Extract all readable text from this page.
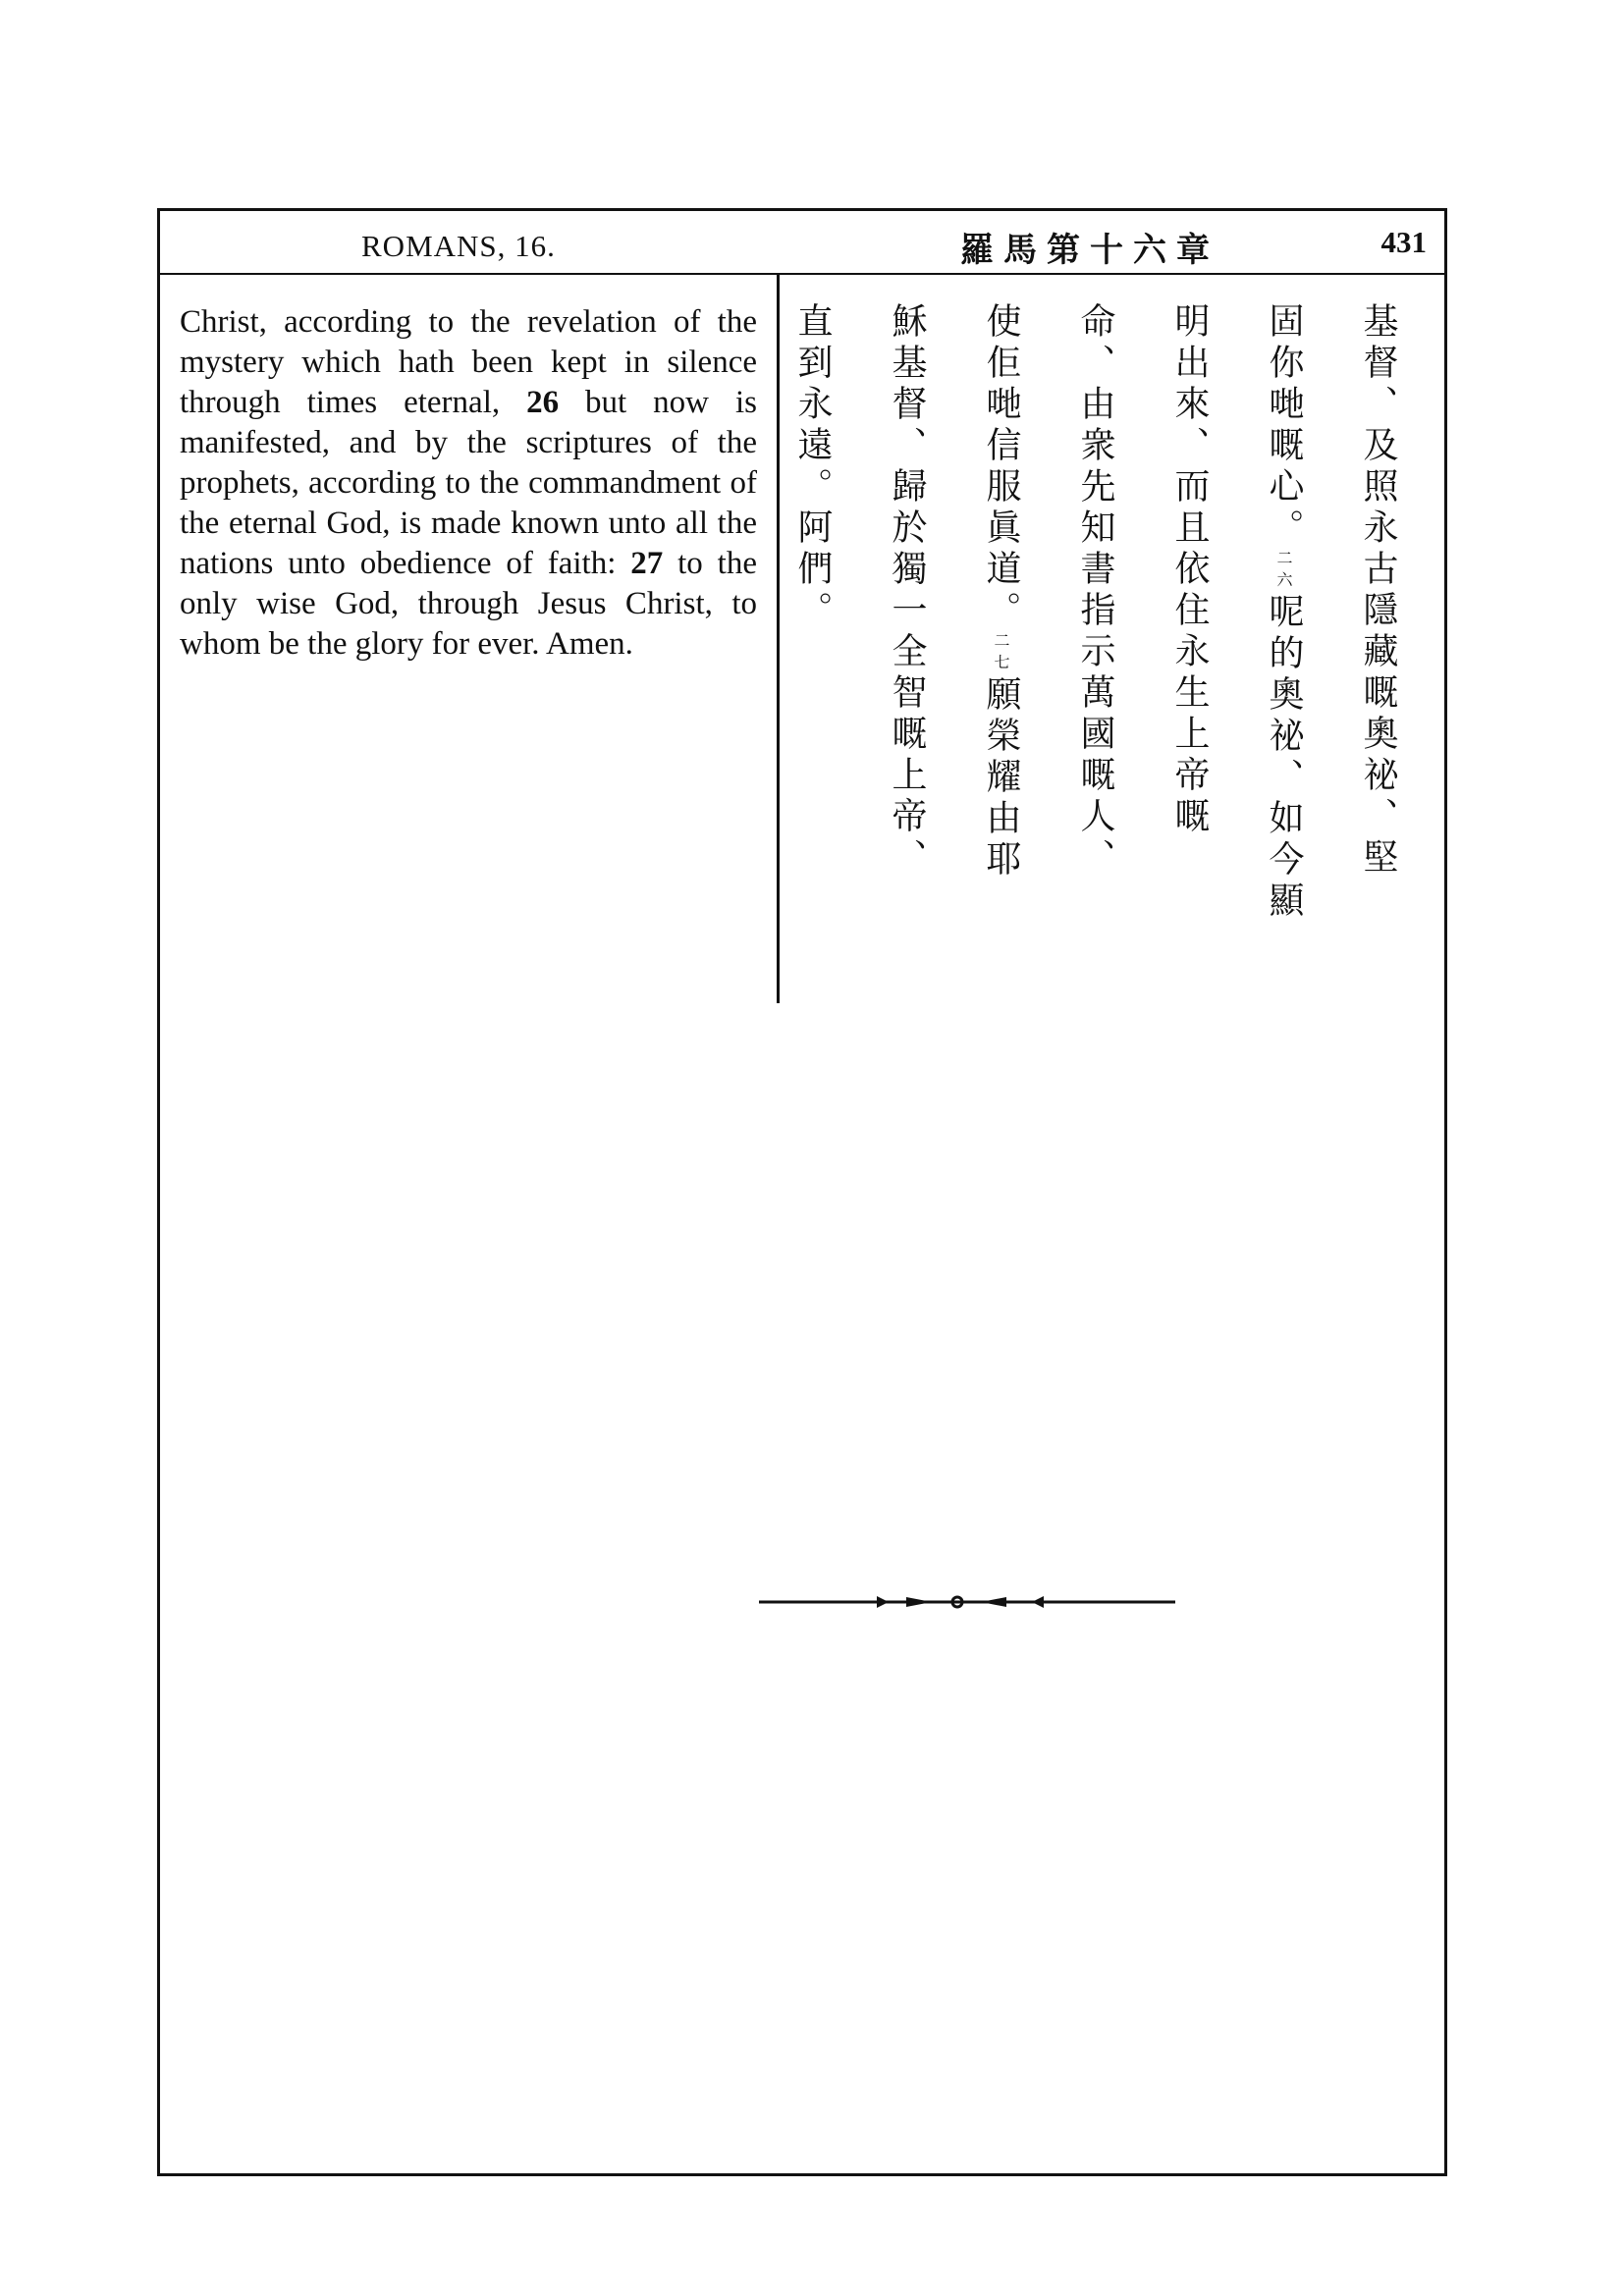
ROMANS, 16.	羅馬第十六章	431

Christ, according to the revelation of the mystery which hath been kept in silence through times eternal, 26 but now is manifested, and by the scriptures of the prophets, according to the commandment of the eternal God, is made known unto all the nations unto obedience of faith: 27 to the only wise God, through Jesus Christ, to whom be the glory for ever. Amen.	基督、及照永古隱藏嘅奧祕、堅
固你哋嘅心。二六呢的奧祕、如今顯
明出來、而且依住永生上帝嘅
命、由衆先知書指示萬國嘅人、
使佢哋信服眞道。二七願榮耀由耶
穌基督、歸於獨一全智嘅上帝、
直到永遠。阿們。
